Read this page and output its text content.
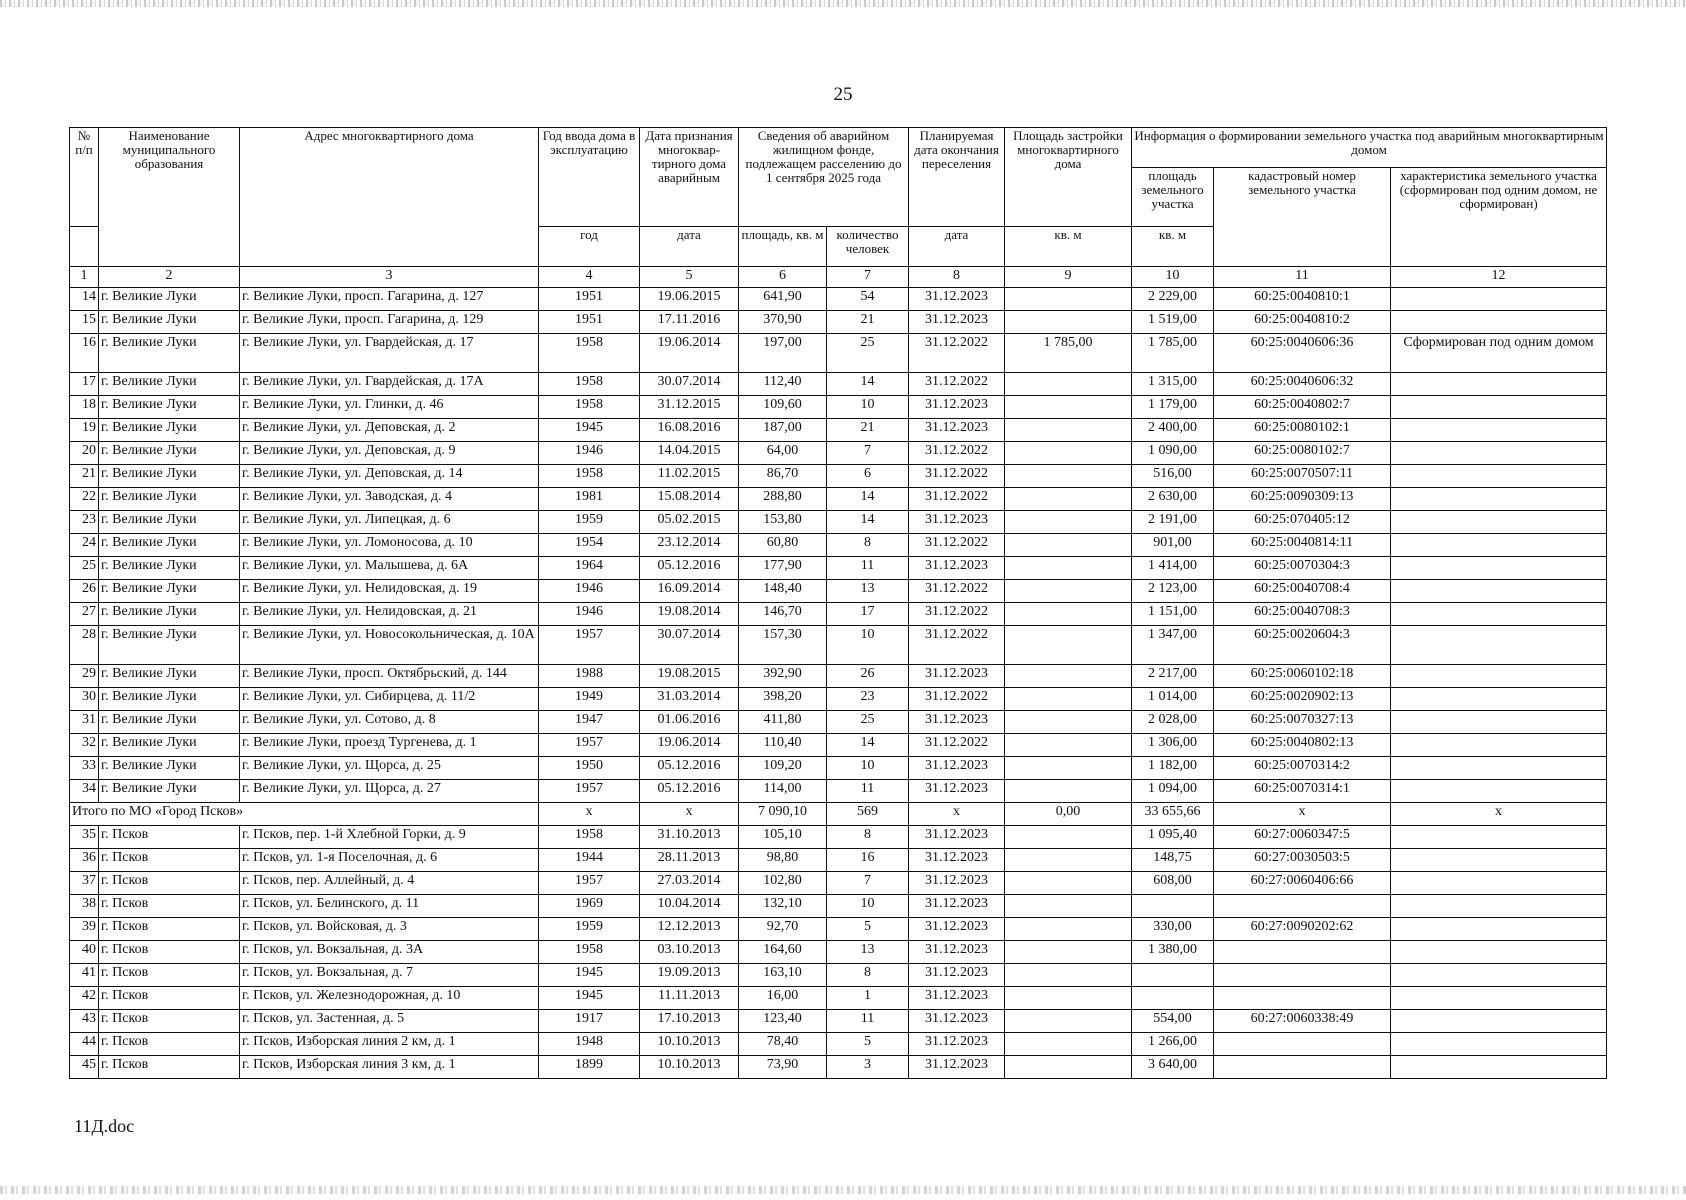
25
№ п/п	Наименование муниципального образования	Адрес многоквартирного дома	Год ввода дома в эксплуатацию	Дата признания многоквар-тирного дома аварийным	Сведения об аварийном жилищном фонде, подлежащем расселению до 1 сентября 2025 года		Планируемая дата окончания переселения	Площадь застройки многоквартирного дома	Информация о формировании земельного участка под аварийным многоквартирным домом		
									площадь земельного участка	кадастровый номер земельного участка	характеристика земельного участка (сформирован под одним домом, не сформирован)
			год	дата	площадь, кв. м	количество человек	дата	кв. м	кв. м		
1	2	3	4	5	6	7	8	9	10	11	12
14	г. Великие Луки	г. Великие Луки, просп. Гагарина, д. 127	1951	19.06.2015	641,90	54	31.12.2023		2 229,00	60:25:0040810:1	
15	г. Великие Луки	г. Великие Луки, просп. Гагарина, д. 129	1951	17.11.2016	370,90	21	31.12.2023		1 519,00	60:25:0040810:2	
16	г. Великие Луки	г. Великие Луки, ул. Гвардейская, д. 17	1958	19.06.2014	197,00	25	31.12.2022	1 785,00	1 785,00	60:25:0040606:36	Сформирован под одним домом
17	г. Великие Луки	г. Великие Луки, ул. Гвардейская, д. 17А	1958	30.07.2014	112,40	14	31.12.2022		1 315,00	60:25:0040606:32	
18	г. Великие Луки	г. Великие Луки, ул. Глинки, д. 46	1958	31.12.2015	109,60	10	31.12.2023		1 179,00	60:25:0040802:7	
19	г. Великие Луки	г. Великие Луки, ул. Деповская, д. 2	1945	16.08.2016	187,00	21	31.12.2023		2 400,00	60:25:0080102:1	
20	г. Великие Луки	г. Великие Луки, ул. Деповская, д. 9	1946	14.04.2015	64,00	7	31.12.2022		1 090,00	60:25:0080102:7	
21	г. Великие Луки	г. Великие Луки, ул. Деповская, д. 14	1958	11.02.2015	86,70	6	31.12.2022		516,00	60:25:0070507:11	
22	г. Великие Луки	г. Великие Луки, ул. Заводская, д. 4	1981	15.08.2014	288,80	14	31.12.2022		2 630,00	60:25:0090309:13	
23	г. Великие Луки	г. Великие Луки, ул. Липецкая, д. 6	1959	05.02.2015	153,80	14	31.12.2023		2 191,00	60:25:070405:12	
24	г. Великие Луки	г. Великие Луки, ул. Ломоносова, д. 10	1954	23.12.2014	60,80	8	31.12.2022		901,00	60:25:0040814:11	
25	г. Великие Луки	г. Великие Луки, ул. Малышева, д. 6А	1964	05.12.2016	177,90	11	31.12.2023		1 414,00	60:25:0070304:3	
26	г. Великие Луки	г. Великие Луки, ул. Нелидовская, д. 19	1946	16.09.2014	148,40	13	31.12.2022		2 123,00	60:25:0040708:4	
27	г. Великие Луки	г. Великие Луки, ул. Нелидовская, д. 21	1946	19.08.2014	146,70	17	31.12.2022		1 151,00	60:25:0040708:3	
28	г. Великие Луки	г. Великие Луки, ул. Новосокольническая, д. 10А	1957	30.07.2014	157,30	10	31.12.2022		1 347,00	60:25:0020604:3	
29	г. Великие Луки	г. Великие Луки, просп. Октябрьский, д. 144	1988	19.08.2015	392,90	26	31.12.2023		2 217,00	60:25:0060102:18	
30	г. Великие Луки	г. Великие Луки, ул. Сибирцева, д. 11/2	1949	31.03.2014	398,20	23	31.12.2022		1 014,00	60:25:0020902:13	
31	г. Великие Луки	г. Великие Луки, ул. Сотово, д. 8	1947	01.06.2016	411,80	25	31.12.2023		2 028,00	60:25:0070327:13	
32	г. Великие Луки	г. Великие Луки, проезд Тургенева, д. 1	1957	19.06.2014	110,40	14	31.12.2022		1 306,00	60:25:0040802:13	
33	г. Великие Луки	г. Великие Луки, ул. Щорса, д. 25	1950	05.12.2016	109,20	10	31.12.2023		1 182,00	60:25:0070314:2	
34	г. Великие Луки	г. Великие Луки, ул. Щорса, д. 27	1957	05.12.2016	114,00	11	31.12.2023		1 094,00	60:25:0070314:1	
Итого по МО «Город Псков»			x	x	7 090,10	569	x	0,00	33 655,66	x	x
35	г. Псков	г. Псков, пер. 1-й Хлебной Горки, д. 9	1958	31.10.2013	105,10	8	31.12.2023		1 095,40	60:27:0060347:5	
36	г. Псков	г. Псков, ул. 1-я Поселочная, д. 6	1944	28.11.2013	98,80	16	31.12.2023		148,75	60:27:0030503:5	
37	г. Псков	г. Псков, пер. Аллейный, д. 4	1957	27.03.2014	102,80	7	31.12.2023		608,00	60:27:0060406:66	
38	г. Псков	г. Псков, ул. Белинского, д. 11	1969	10.04.2014	132,10	10	31.12.2023				
39	г. Псков	г. Псков, ул. Войсковая, д. 3	1959	12.12.2013	92,70	5	31.12.2023		330,00	60:27:0090202:62	
40	г. Псков	г. Псков, ул. Вокзальная, д. 3А	1958	03.10.2013	164,60	13	31.12.2023		1 380,00		
41	г. Псков	г. Псков, ул. Вокзальная, д. 7	1945	19.09.2013	163,10	8	31.12.2023				
42	г. Псков	г. Псков, ул. Железнодорожная, д. 10	1945	11.11.2013	16,00	1	31.12.2023				
43	г. Псков	г. Псков, ул. Застенная, д. 5	1917	17.10.2013	123,40	11	31.12.2023		554,00	60:27:0060338:49	
44	г. Псков	г. Псков, Изборская линия 2 км, д. 1	1948	10.10.2013	78,40	5	31.12.2023		1 266,00		
45	г. Псков	г. Псков, Изборская линия 3 км, д. 1	1899	10.10.2013	73,90	3	31.12.2023		3 640,00		
11Д.doc
